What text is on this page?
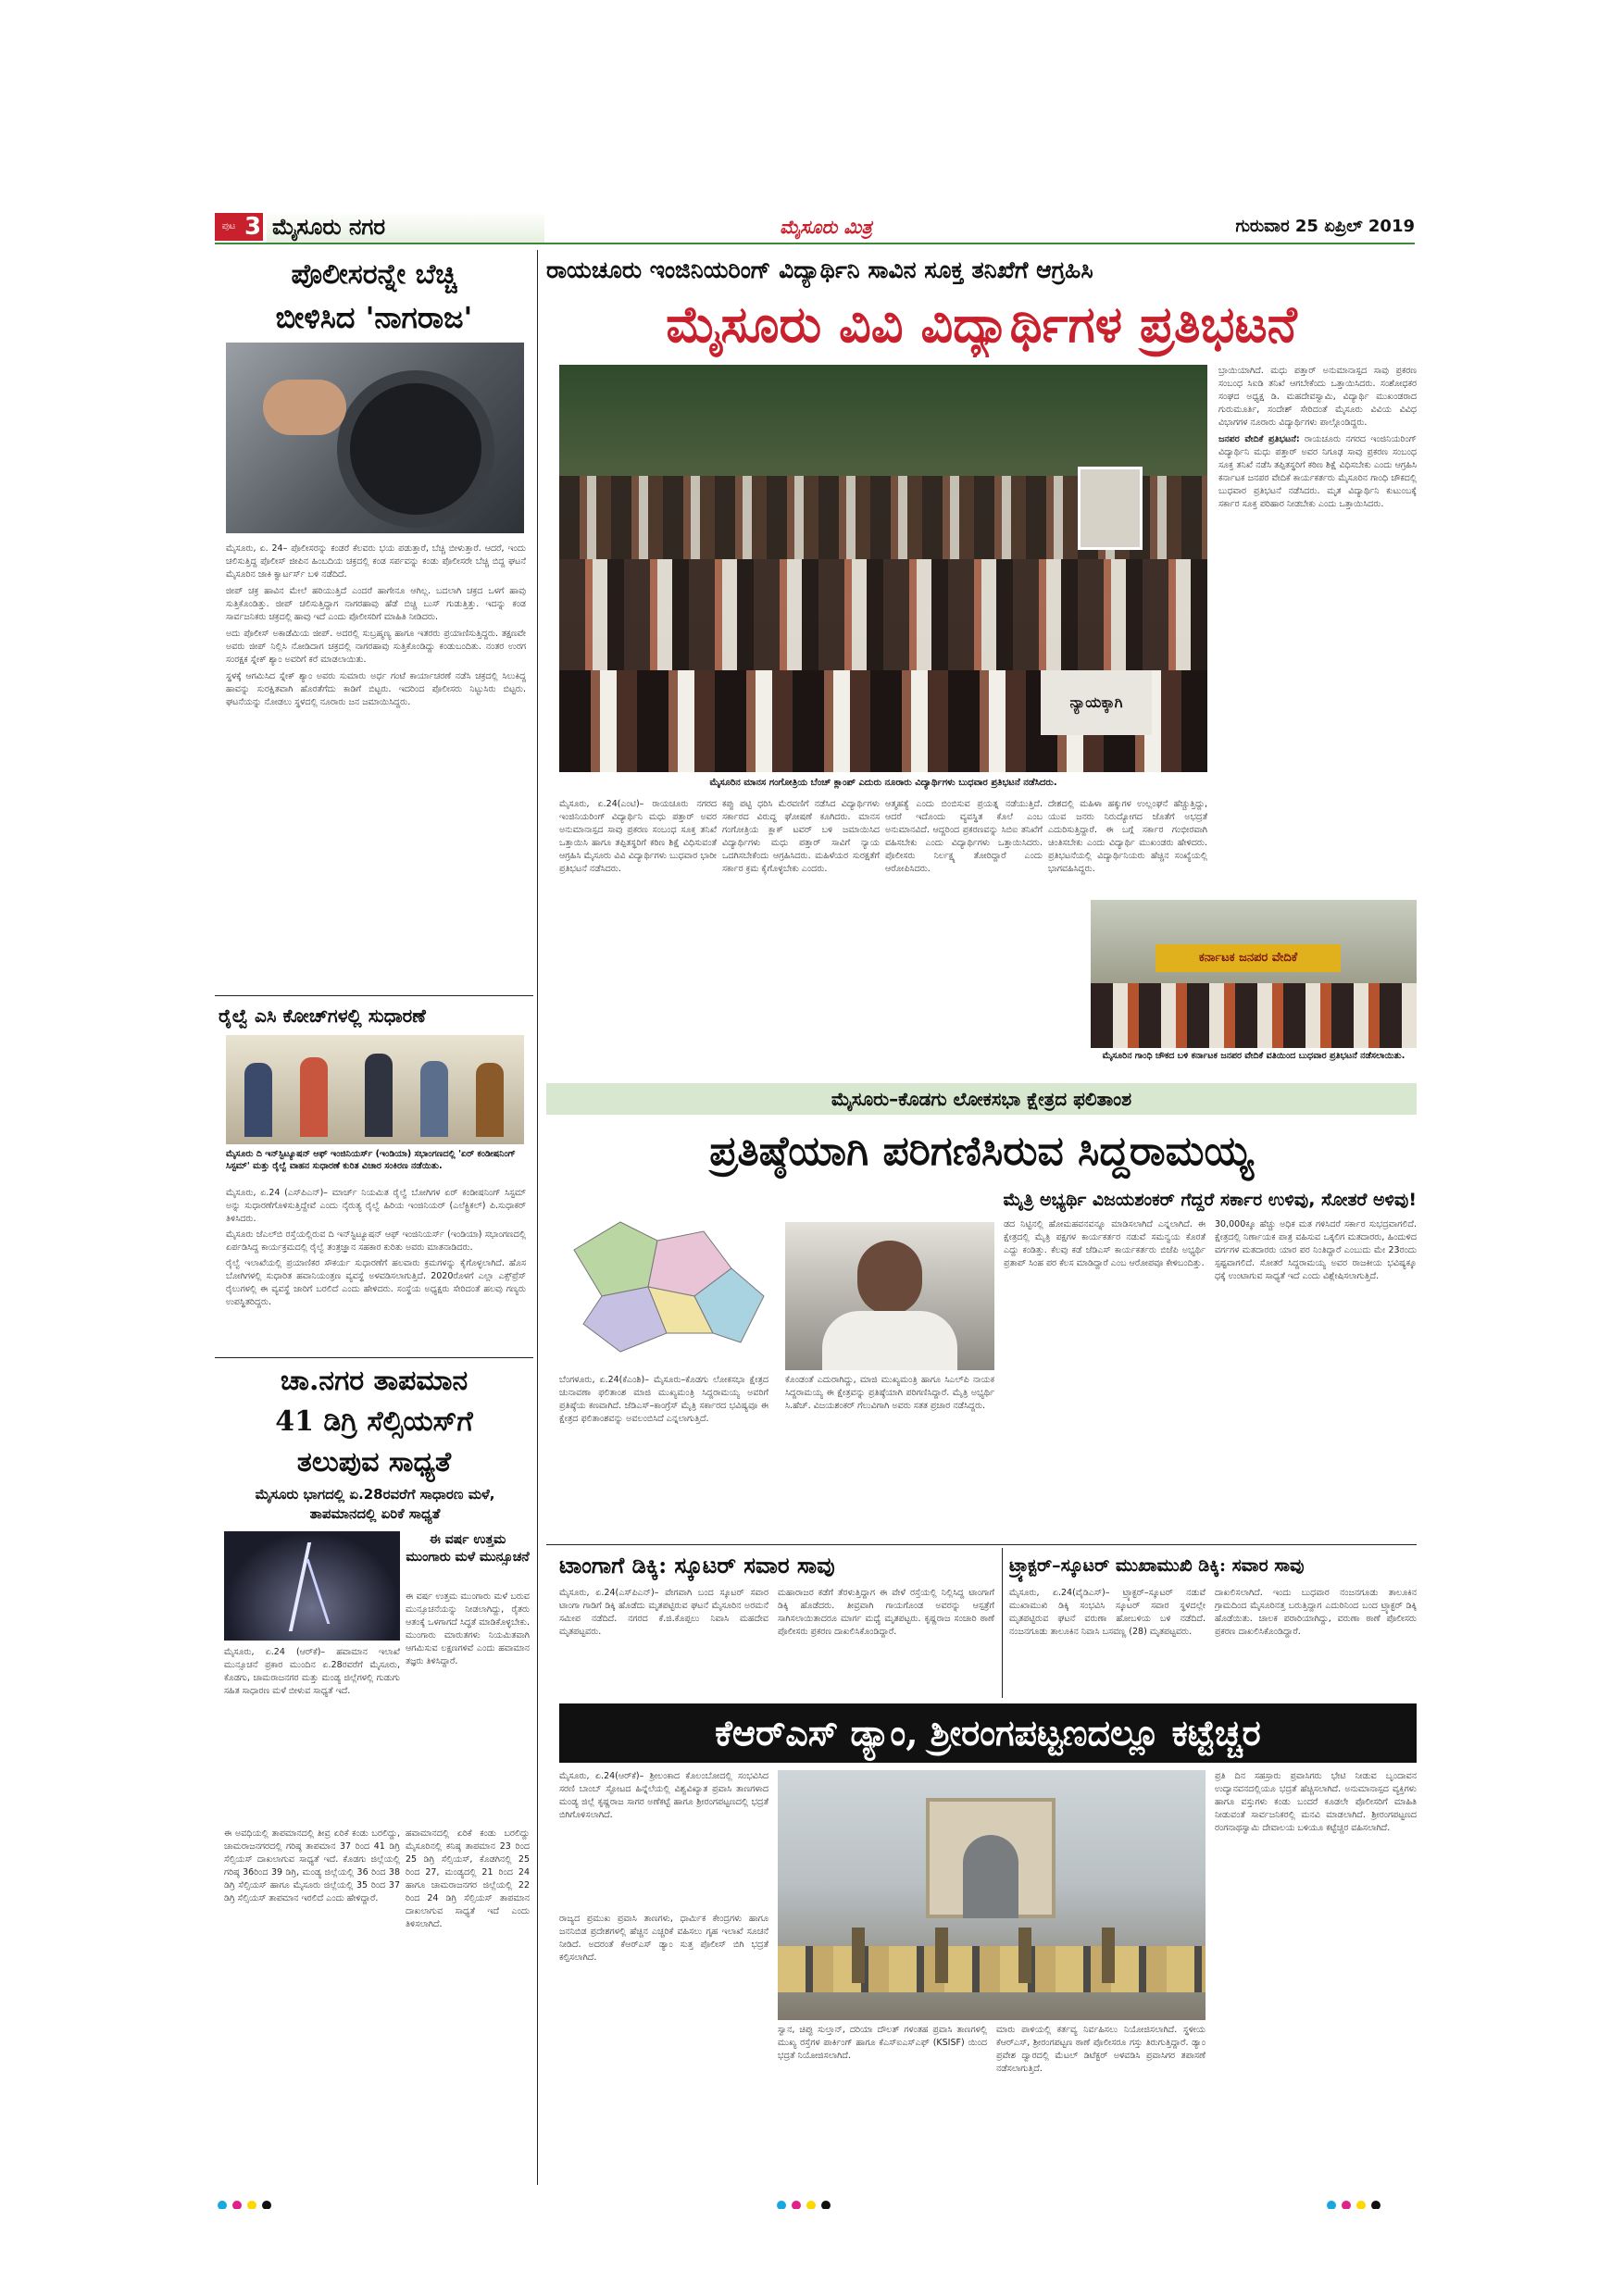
ಪುಟ 3 ಮೈಸೂರು ನಗರ	ಮೈಸೂರು ಮಿತ್ರ	ಗುರುವಾರ 25 ಏಪ್ರಿಲ್ 2019
ಪೊಲೀಸರನ್ನೇ ಬೆಚ್ಚಿ
ಬೀಳಿಸಿದ 'ನಾಗರಾಜ'

ಮೈಸೂರು, ಏ. 24– ಪೊಲೀಸರನ್ನು ಕಂಡರೆ ಕೆಲವರು ಭಯ ಪಡುತ್ತಾರೆ, ಬೆಚ್ಚಿ ಬೀಳುತ್ತಾರೆ. ಆದರೆ, ಇಂದು ಚಲಿಸುತ್ತಿದ್ದ ಪೊಲೀಸ್ ಜೀಪಿನ ಹಿಂಬದಿಯ ಚಕ್ರದಲ್ಲಿ ಕಂಡ ಸರ್ಪವನ್ನು ಕಂಡು ಪೊಲೀಸರೇ ಬೆಚ್ಚಿ ಬಿದ್ದ ಘಟನೆ ಮೈಸೂರಿನ ಜಾಕಿ ಕ್ವಾರ್ಟರ್ಸ್ ಬಳಿ ನಡೆದಿದೆ.

ಜೀಪ್ ಚಕ್ರ ಹಾವಿನ ಮೇಲೆ ಹರಿಯುತ್ತಿದೆ ಎಂದರೆ ಹಾಗೇನೂ ಆಗಿಲ್ಲ. ಬದಲಾಗಿ ಚಕ್ರದ ಒಳಗೆ ಹಾವು ಸುತ್ತಿಕೊಂಡಿತ್ತು. ಜೀಪ್ ಚಲಿಸುತ್ತಿದ್ದಾಗ ನಾಗರಹಾವು ಹೆಡೆ ಬಿಚ್ಚಿ ಬುಸ್ ಗುಡುತ್ತಿತ್ತು. ಇದನ್ನು ಕಂಡ ಸಾರ್ವಜನಿಕರು ಚಕ್ರದಲ್ಲಿ ಹಾವು ಇದೆ ಎಂದು ಪೊಲೀಸರಿಗೆ ಮಾಹಿತಿ ನೀಡಿದರು.

ಅದು ಪೊಲೀಸ್ ಅಕಾಡೆಮಿಯ ಜೀಪ್. ಅದರಲ್ಲಿ ಸುಬ್ರಹ್ಮಣ್ಯ ಹಾಗೂ ಇತರರು ಪ್ರಯಾಣಿಸುತ್ತಿದ್ದರು. ತಕ್ಷಣವೇ ಅವರು ಜೀಪ್ ನಿಲ್ಲಿಸಿ ನೋಡಿದಾಗ ಚಕ್ರದಲ್ಲಿ ನಾಗರಹಾವು ಸುತ್ತಿಕೊಂಡಿದ್ದು ಕಂಡುಬಂದಿತು. ನಂತರ ಉರಗ ಸಂರಕ್ಷಕ ಸ್ನೇಕ್ ಶ್ಯಾಂ ಅವರಿಗೆ ಕರೆ ಮಾಡಲಾಯಿತು.

ಸ್ಥಳಕ್ಕೆ ಆಗಮಿಸಿದ ಸ್ನೇಕ್ ಶ್ಯಾಂ ಅವರು ಸುಮಾರು ಅರ್ಧ ಗಂಟೆ ಕಾರ್ಯಾಚರಣೆ ನಡೆಸಿ ಚಕ್ರದಲ್ಲಿ ಸಿಲುಕಿದ್ದ ಹಾವನ್ನು ಸುರಕ್ಷಿತವಾಗಿ ಹೊರತೆಗೆದು ಕಾಡಿಗೆ ಬಿಟ್ಟರು. ಇದರಿಂದ ಪೊಲೀಸರು ನಿಟ್ಟುಸಿರು ಬಿಟ್ಟರು. ಘಟನೆಯನ್ನು ನೋಡಲು ಸ್ಥಳದಲ್ಲಿ ನೂರಾರು ಜನ ಜಮಾಯಿಸಿದ್ದರು.

ರೈಲ್ವೆ ಎಸಿ ಕೋಚ್‌ಗಳಲ್ಲಿ ಸುಧಾರಣೆ
ಮೈಸೂರು ದಿ ಇನ್‌ಸ್ಟಿಟ್ಯೂಷನ್ ಆಫ್ ಇಂಜಿನಿಯರ್ಸ್ (ಇಂಡಿಯಾ) ಸಭಾಂಗಣದಲ್ಲಿ 'ಏರ್ ಕಂಡೀಷನಿಂಗ್ ಸಿಸ್ಟಮ್' ಮತ್ತು ರೈಲ್ವೆ ವಾಹನ ಸುಧಾರಣೆ ಕುರಿತ ವಿಚಾರ ಸಂಕಿರಣ ನಡೆಯಿತು.

ಮೈಸೂರು, ಏ.24 (ಎಸ್‌ಪಿಎನ್)– ಮಾರ್ಚ್ ನಿಯಮಿತ ರೈಲ್ವೆ ಬೋಗಿಗಳ ಏರ್ ಕಂಡೀಷನಿಂಗ್ ಸಿಸ್ಟಮ್ ಅನ್ನು ಸುಧಾರಣೆಗೊಳಿಸುತ್ತಿದ್ದೇವೆ ಎಂದು ನೈರುತ್ಯ ರೈಲ್ವೆ ಹಿರಿಯ ಇಂಜಿನಿಯರ್ (ಎಲೆಕ್ಟ್ರಿಕಲ್) ಪಿ.ಸುಧಾಕರ್ ತಿಳಿಸಿದರು.

ಮೈಸೂರು ಜೆಎಲ್‌ಬಿ ರಸ್ತೆಯಲ್ಲಿರುವ ದಿ ಇನ್‌ಸ್ಟಿಟ್ಯೂಷನ್ ಆಫ್ ಇಂಜಿನಿಯರ್ಸ್ (ಇಂಡಿಯಾ) ಸಭಾಂಗಣದಲ್ಲಿ ಏರ್ಪಡಿಸಿದ್ದ ಕಾರ್ಯಕ್ರಮದಲ್ಲಿ ರೈಲ್ವೆ ತಂತ್ರಜ್ಞಾನ ಸಹಕಾರ ಕುರಿತು ಅವರು ಮಾತನಾಡಿದರು.

ರೈಲ್ವೆ ಇಲಾಖೆಯಲ್ಲಿ ಪ್ರಯಾಣಿಕರ ಸೌಕರ್ಯ ಸುಧಾರಣೆಗೆ ಹಲವಾರು ಕ್ರಮಗಳನ್ನು ಕೈಗೊಳ್ಳಲಾಗಿದೆ. ಹೊಸ ಬೋಗಿಗಳಲ್ಲಿ ಸುಧಾರಿತ ಹವಾನಿಯಂತ್ರಣ ವ್ಯವಸ್ಥೆ ಅಳವಡಿಸಲಾಗುತ್ತಿದೆ. 2020ರೊಳಗೆ ಎಲ್ಲಾ ಎಕ್ಸ್‌ಪ್ರೆಸ್ ರೈಲುಗಳಲ್ಲಿ ಈ ವ್ಯವಸ್ಥೆ ಜಾರಿಗೆ ಬರಲಿದೆ ಎಂದು ಹೇಳಿದರು. ಸಂಸ್ಥೆಯ ಅಧ್ಯಕ್ಷರು ಸೇರಿದಂತೆ ಹಲವು ಗಣ್ಯರು ಉಪಸ್ಥಿತರಿದ್ದರು.

ಚಾ.ನಗರ ತಾಪಮಾನ
41 ಡಿಗ್ರಿ ಸೆಲ್ಸಿಯಸ್‌ಗೆ
ತಲುಪುವ ಸಾಧ್ಯತೆ
ಮೈಸೂರು ಭಾಗದಲ್ಲಿ ಏ.28ರವರೆಗೆ ಸಾಧಾರಣ ಮಳೆ, ತಾಪಮಾನದಲ್ಲಿ ಏರಿಕೆ ಸಾಧ್ಯತೆ
ಈ ವರ್ಷ ಉತ್ತಮ ಮುಂಗಾರು ಮಳೆ ಮುನ್ಸೂಚನೆ
ಈ ವರ್ಷ ಉತ್ತಮ ಮುಂಗಾರು ಮಳೆ ಬರುವ ಮುನ್ಸೂಚನೆಯನ್ನು ನೀಡಲಾಗಿದ್ದು, ರೈತರು ಆತಂಕ್ಕೆ ಒಳಗಾಗದೆ ಸಿದ್ಧತೆ ಮಾಡಿಕೊಳ್ಳಬೇಕು. ಮುಂಗಾರು ಮಾರುತಗಳು ನಿಯಮಿತವಾಗಿ ಆಗಮಿಸುವ ಲಕ್ಷಣಗಳಿವೆ ಎಂದು ಹವಾಮಾನ ತಜ್ಞರು ತಿಳಿಸಿದ್ದಾರೆ.

ಮೈಸೂರು, ಏ.24 (ಆರ್‌ಕೆ)– ಹವಾಮಾನ ಇಲಾಖೆ ಮುನ್ಸೂಚನೆ ಪ್ರಕಾರ ಮುಂದಿನ ಏ.28ರವರೆಗೆ ಮೈಸೂರು, ಕೊಡಗು, ಚಾಮರಾಜನಗರ ಮತ್ತು ಮಂಡ್ಯ ಜಿಲ್ಲೆಗಳಲ್ಲಿ ಗುಡುಗು ಸಹಿತ ಸಾಧಾರಣ ಮಳೆ ಬೀಳುವ ಸಾಧ್ಯತೆ ಇದೆ.

ಈ ಅವಧಿಯಲ್ಲಿ ತಾಪಮಾನದಲ್ಲಿ ತೀವ್ರ ಏರಿಕೆ ಕಂಡು ಬರಲಿದ್ದು, ಚಾಮರಾಜನಗರದಲ್ಲಿ ಗರಿಷ್ಠ ತಾಪಮಾನ 37 ರಿಂದ 41 ಡಿಗ್ರಿ ಸೆಲ್ಸಿಯಸ್ ದಾಖಲಾಗುವ ಸಾಧ್ಯತೆ ಇದೆ. ಕೊಡಗು ಜಿಲ್ಲೆಯಲ್ಲಿ ಗರಿಷ್ಠ 36ರಿಂದ 39 ಡಿಗ್ರಿ, ಮಂಡ್ಯ ಜಿಲ್ಲೆಯಲ್ಲಿ 36 ರಿಂದ 38 ಡಿಗ್ರಿ ಸೆಲ್ಸಿಯಸ್ ಹಾಗೂ ಮೈಸೂರು ಜಿಲ್ಲೆಯಲ್ಲಿ 35 ರಿಂದ 37 ಡಿಗ್ರಿ ಸೆಲ್ಸಿಯಸ್ ತಾಪಮಾನ ಇರಲಿದೆ ಎಂದು ಹೇಳಿದ್ದಾರೆ.

ಹವಾಮಾನದಲ್ಲಿ ಏರಿಕೆ ಕಂಡು ಬರಲಿದ್ದು ಮೈಸೂರಿನಲ್ಲಿ ಕನಿಷ್ಠ ತಾಪಮಾನ 23 ರಿಂದ 25 ಡಿಗ್ರಿ ಸೆಲ್ಸಿಯಸ್, ಕೊಡಗಿನಲ್ಲಿ 25 ರಿಂದ 27, ಮಂಡ್ಯದಲ್ಲಿ 21 ರಿಂದ 24 ಹಾಗೂ ಚಾಮರಾಜನಗರ ಜಿಲ್ಲೆಯಲ್ಲಿ 22 ರಿಂದ 24 ಡಿಗ್ರಿ ಸೆಲ್ಸಿಯಸ್ ತಾಪಮಾನ ದಾಖಲಾಗುವ ಸಾಧ್ಯತೆ ಇದೆ ಎಂದು ತಿಳಿಸಲಾಗಿದೆ.

ರಾಯಚೂರು ಇಂಜಿನಿಯರಿಂಗ್ ವಿದ್ಯಾರ್ಥಿನಿ ಸಾವಿನ ಸೂಕ್ತ ತನಿಖೆಗೆ ಆಗ್ರಹಿಸಿ
ಮೈಸೂರು ವಿವಿ ವಿದ್ಯಾರ್ಥಿಗಳ ಪ್ರತಿಭಟನೆ
ನ್ಯಾಯಕ್ಕಾಗಿ
ಮೈಸೂರಿನ ಮಾನಸ ಗಂಗೋತ್ರಿಯ ಬೆಂಚ್ ಕ್ಲಾಂಪ್ ಎದುರು ನೂರಾರು ವಿದ್ಯಾರ್ಥಿಗಳು ಬುಧವಾರ ಪ್ರತಿಭಟನೆ ನಡೆಸಿದರು.

ಬ್ರಾಯಿಯಾಗಿದೆ. ಮಧು ಪತ್ತಾರ್ ಅನುಮಾನಾಸ್ಪದ ಸಾವು ಪ್ರಕರಣ ಸಂಬಂಧ ಸಿಐಡಿ ತನಿಖೆ ಆಗಬೇಕೆಂದು ಒತ್ತಾಯಿಸಿದರು. ಸಂಶೋಧಕರ ಸಂಘದ ಅಧ್ಯಕ್ಷ ಡಿ. ಮಹದೇವಸ್ವಾಮಿ, ವಿದ್ಯಾರ್ಥಿ ಮುಖಂಡರಾದ ಗುರುಮೂರ್ತಿ, ಸಂದೇಶ್ ಸೇರಿದಂತೆ ಮೈಸೂರು ವಿವಿಯ ವಿವಿಧ ವಿಭಾಗಗಳ ನೂರಾರು ವಿದ್ಯಾರ್ಥಿಗಳು ಪಾಲ್ಗೊಂಡಿದ್ದರು.

ಜನಪರ ವೇದಿಕೆ ಪ್ರತಿಭಟನೆ: ರಾಯಚೂರು ನಗರದ ಇಂಜಿನಿಯರಿಂಗ್ ವಿದ್ಯಾರ್ಥಿನಿ ಮಧು ಪತ್ತಾರ್ ಅವರ ನಿಗೂಢ ಸಾವು ಪ್ರಕರಣ ಸಂಬಂಧ ಸೂಕ್ತ ತನಿಖೆ ನಡೆಸಿ ತಪ್ಪಿತಸ್ಥರಿಗೆ ಕಠಿಣ ಶಿಕ್ಷೆ ವಿಧಿಸಬೇಕು ಎಂದು ಆಗ್ರಹಿಸಿ ಕರ್ನಾಟಕ ಜನಪರ ವೇದಿಕೆ ಕಾರ್ಯಕರ್ತರು ಮೈಸೂರಿನ ಗಾಂಧಿ ಚೌಕದಲ್ಲಿ ಬುಧವಾರ ಪ್ರತಿಭಟನೆ ನಡೆಸಿದರು. ಮೃತ ವಿದ್ಯಾರ್ಥಿನಿ ಕುಟುಂಬಕ್ಕೆ ಸರ್ಕಾರ ಸೂಕ್ತ ಪರಿಹಾರ ನೀಡಬೇಕು ಎಂದು ಒತ್ತಾಯಿಸಿದರು.

ಮೈಸೂರು, ಏ.24(ಎಂಟಿ)– ರಾಯಚೂರು ನಗರದ ಇಂಜಿನಿಯರಿಂಗ್ ವಿದ್ಯಾರ್ಥಿನಿ ಮಧು ಪತ್ತಾರ್ ಅವರ ಅನುಮಾನಾಸ್ಪದ ಸಾವು ಪ್ರಕರಣ ಸಂಬಂಧ ಸೂಕ್ತ ತನಿಖೆ ಒತ್ತಾಯಿಸಿ ಹಾಗೂ ತಪ್ಪಿತಸ್ಥರಿಗೆ ಕಠಿಣ ಶಿಕ್ಷೆ ವಿಧಿಸುವಂತೆ ಆಗ್ರಹಿಸಿ ಮೈಸೂರು ವಿವಿ ವಿದ್ಯಾರ್ಥಿಗಳು ಬುಧವಾರ ಭಾರೀ ಪ್ರತಿಭಟನೆ ನಡೆಸಿದರು.
ಕಪ್ಪು ಪಟ್ಟಿ ಧರಿಸಿ ಮೆರವಣಿಗೆ ನಡೆಸಿದ ವಿದ್ಯಾರ್ಥಿಗಳು ಸರ್ಕಾರದ ವಿರುದ್ಧ ಘೋಷಣೆ ಕೂಗಿದರು. ಮಾನಸ ಗಂಗೋತ್ರಿಯ ಕ್ಲಾಕ್ ಟವರ್ ಬಳಿ ಜಮಾಯಿಸಿದ ವಿದ್ಯಾರ್ಥಿಗಳು ಮಧು ಪತ್ತಾರ್ ಸಾವಿಗೆ ನ್ಯಾಯ ಒದಗಿಸಬೇಕೆಂದು ಆಗ್ರಹಿಸಿದರು. ಮಹಿಳೆಯರ ಸುರಕ್ಷತೆಗೆ ಸರ್ಕಾರ ಕ್ರಮ ಕೈಗೊಳ್ಳಬೇಕು ಎಂದರು.
ಆತ್ಮಹತ್ಯೆ ಎಂದು ಬಿಂಬಿಸುವ ಪ್ರಯತ್ನ ನಡೆಯುತ್ತಿದೆ. ಆದರೆ ಇದೊಂದು ವ್ಯವಸ್ಥಿತ ಕೊಲೆ ಎಂಬ ಅನುಮಾನವಿದೆ. ಆದ್ದರಿಂದ ಪ್ರಕರಣವನ್ನು ಸಿಬಿಐ ತನಿಖೆಗೆ ವಹಿಸಬೇಕು ಎಂದು ವಿದ್ಯಾರ್ಥಿಗಳು ಒತ್ತಾಯಿಸಿದರು. ಪೊಲೀಸರು ನಿರ್ಲಕ್ಷ್ಯ ತೋರಿದ್ದಾರೆ ಎಂದು ಆರೋಪಿಸಿದರು.
ದೇಶದಲ್ಲಿ ಮಹಿಳಾ ಹಕ್ಕುಗಳ ಉಲ್ಲಂಘನೆ ಹೆಚ್ಚುತ್ತಿದ್ದು, ಯುವ ಜನರು ನಿರುದ್ಯೋಗದ ಜೊತೆಗೆ ಅಭದ್ರತೆ ಎದುರಿಸುತ್ತಿದ್ದಾರೆ. ಈ ಬಗ್ಗೆ ಸರ್ಕಾರ ಗಂಭೀರವಾಗಿ ಚಿಂತಿಸಬೇಕು ಎಂದು ವಿದ್ಯಾರ್ಥಿ ಮುಖಂಡರು ಹೇಳಿದರು. ಪ್ರತಿಭಟನೆಯಲ್ಲಿ ವಿದ್ಯಾರ್ಥಿನಿಯರು ಹೆಚ್ಚಿನ ಸಂಖ್ಯೆಯಲ್ಲಿ ಭಾಗವಹಿಸಿದ್ದರು.
ಕರ್ನಾಟಕ ಜನಪರ ವೇದಿಕೆ
ಮೈಸೂರಿನ ಗಾಂಧಿ ಚೌಕದ ಬಳಿ ಕರ್ನಾಟಕ ಜನಪರ ವೇದಿಕೆ ವತಿಯಿಂದ ಬುಧವಾರ ಪ್ರತಿಭಟನೆ ನಡೆಸಲಾಯಿತು.
ಮೈಸೂರು–ಕೊಡಗು ಲೋಕಸಭಾ ಕ್ಷೇತ್ರದ ಫಲಿತಾಂಶ
ಪ್ರತಿಷ್ಠೆಯಾಗಿ ಪರಿಗಣಿಸಿರುವ ಸಿದ್ದರಾಮಯ್ಯ
ಮೈತ್ರಿ ಅಭ್ಯರ್ಥಿ ವಿಜಯಶಂಕರ್ ಗೆದ್ದರೆ ಸರ್ಕಾರ ಉಳಿವು, ಸೋತರೆ ಅಳಿವು!
ಬೆಂಗಳೂರು, ಏ.24(ಕೆಎಂಶಿ)– ಮೈಸೂರು–ಕೊಡಗು ಲೋಕಸಭಾ ಕ್ಷೇತ್ರದ ಚುನಾವಣಾ ಫಲಿತಾಂಶ ಮಾಜಿ ಮುಖ್ಯಮಂತ್ರಿ ಸಿದ್ದರಾಮಯ್ಯ ಅವರಿಗೆ ಪ್ರತಿಷ್ಠೆಯ ಕಣವಾಗಿದೆ. ಜೆಡಿಎಸ್–ಕಾಂಗ್ರೆಸ್ ಮೈತ್ರಿ ಸರ್ಕಾರದ ಭವಿಷ್ಯವೂ ಈ ಕ್ಷೇತ್ರದ ಫಲಿತಾಂಶವನ್ನು ಅವಲಂಬಿಸಿದೆ ಎನ್ನಲಾಗುತ್ತಿದೆ.
ಕೊಂಡಂತೆ ಎದುರಾಗಿದ್ದು, ಮಾಜಿ ಮುಖ್ಯಮಂತ್ರಿ ಹಾಗೂ ಸಿಎಲ್‌ಪಿ ನಾಯಕ ಸಿದ್ದರಾಮಯ್ಯ ಈ ಕ್ಷೇತ್ರವನ್ನು ಪ್ರತಿಷ್ಠೆಯಾಗಿ ಪರಿಗಣಿಸಿದ್ದಾರೆ. ಮೈತ್ರಿ ಅಭ್ಯರ್ಥಿ ಸಿ.ಹೆಚ್. ವಿಜಯಶಂಕರ್ ಗೆಲುವಿಗಾಗಿ ಅವರು ಸತತ ಪ್ರಚಾರ ನಡೆಸಿದ್ದರು.
ಡದ ನಿಟ್ಟಿನಲ್ಲಿ ಹೋಮಹವನವನ್ನೂ ಮಾಡಿಸಲಾಗಿದೆ ಎನ್ನಲಾಗಿದೆ. ಈ ಕ್ಷೇತ್ರದಲ್ಲಿ ಮೈತ್ರಿ ಪಕ್ಷಗಳ ಕಾರ್ಯಕರ್ತರ ನಡುವೆ ಸಮನ್ವಯ ಕೊರತೆ ಎದ್ದು ಕಂಡಿತ್ತು. ಕೆಲವು ಕಡೆ ಜೆಡಿಎಸ್ ಕಾರ್ಯಕರ್ತರು ಬಿಜೆಪಿ ಅಭ್ಯರ್ಥಿ ಪ್ರತಾಪ್ ಸಿಂಹ ಪರ ಕೆಲಸ ಮಾಡಿದ್ದಾರೆ ಎಂಬ ಆರೋಪವೂ ಕೇಳಿಬಂದಿತ್ತು.
30,000ಕ್ಕೂ ಹೆಚ್ಚು ಅಧಿಕ ಮತ ಗಳಿಸಿದರೆ ಸರ್ಕಾರ ಸುಭದ್ರವಾಗಲಿದೆ. ಕ್ಷೇತ್ರದಲ್ಲಿ ನಿರ್ಣಾಯಕ ಪಾತ್ರ ವಹಿಸುವ ಒಕ್ಕಲಿಗ ಮತದಾರರು, ಹಿಂದುಳಿದ ವರ್ಗಗಳ ಮತದಾರರು ಯಾರ ಪರ ನಿಂತಿದ್ದಾರೆ ಎಂಬುದು ಮೇ 23ರಂದು ಸ್ಪಷ್ಟವಾಗಲಿದೆ. ಸೋತರೆ ಸಿದ್ದರಾಮಯ್ಯ ಅವರ ರಾಜಕೀಯ ಭವಿಷ್ಯಕ್ಕೂ ಧಕ್ಕೆ ಉಂಟಾಗುವ ಸಾಧ್ಯತೆ ಇದೆ ಎಂದು ವಿಶ್ಲೇಷಿಸಲಾಗುತ್ತಿದೆ.
ಟಾಂಗಾಗೆ ಡಿಕ್ಕಿ: ಸ್ಕೂಟರ್ ಸವಾರ ಸಾವು
ಮೈಸೂರು, ಏ.24(ಎಸ್‌ಪಿಎನ್)– ವೇಗವಾಗಿ ಬಂದ ಸ್ಕೂಟರ್ ಸವಾರ ಟಾಂಗಾ ಗಾಡಿಗೆ ಡಿಕ್ಕಿ ಹೊಡೆದು ಮೃತಪಟ್ಟಿರುವ ಘಟನೆ ಮೈಸೂರಿನ ಅರಮನೆ ಸಮೀಪ ನಡೆದಿದೆ. ನಗರದ ಕೆ.ಜಿ.ಕೊಪ್ಪಲು ನಿವಾಸಿ ಮಹದೇವ ಮೃತಪಟ್ಟವರು.
ಮಹಾರಾಜರ ಕಡೆಗೆ ತೆರಳುತ್ತಿದ್ದಾಗ ಈ ವೇಳೆ ರಸ್ತೆಯಲ್ಲಿ ನಿಲ್ಲಿಸಿದ್ದ ಟಾಂಗಾಗೆ ಡಿಕ್ಕಿ ಹೊಡೆದರು. ತೀವ್ರವಾಗಿ ಗಾಯಗೊಂಡ ಅವರನ್ನು ಆಸ್ಪತ್ರೆಗೆ ಸಾಗಿಸಲಾಯಿತಾದರೂ ಮಾರ್ಗ ಮಧ್ಯೆ ಮೃತಪಟ್ಟರು. ಕೃಷ್ಣರಾಜ ಸಂಚಾರಿ ಠಾಣೆ ಪೊಲೀಸರು ಪ್ರಕರಣ ದಾಖಲಿಸಿಕೊಂಡಿದ್ದಾರೆ.
ಟ್ರ್ಯಾಕ್ಟರ್–ಸ್ಕೂಟರ್ ಮುಖಾಮುಖಿ ಡಿಕ್ಕಿ: ಸವಾರ ಸಾವು
ಮೈಸೂರು, ಏ.24(ವೈಡಿಎಸ್)– ಟ್ರ್ಯಾಕ್ಟರ್–ಸ್ಕೂಟರ್ ನಡುವೆ ಮುಖಾಮುಖಿ ಡಿಕ್ಕಿ ಸಂಭವಿಸಿ ಸ್ಕೂಟರ್ ಸವಾರ ಸ್ಥಳದಲ್ಲೇ ಮೃತಪಟ್ಟಿರುವ ಘಟನೆ ವರುಣಾ ಹೋಬಳಿಯ ಬಳಿ ನಡೆದಿದೆ. ನಂಜನಗೂಡು ತಾಲೂಕಿನ ನಿವಾಸಿ ಬಸವಣ್ಣ (28) ಮೃತಪಟ್ಟವರು.
ದಾಖಲಿಸಲಾಗಿದೆ. ಇಂದು ಬುಧವಾರ ನಂಜನಗೂಡು ತಾಲೂಕಿನ ಗ್ರಾಮದಿಂದ ಮೈಸೂರಿನತ್ತ ಬರುತ್ತಿದ್ದಾಗ ಎದುರಿನಿಂದ ಬಂದ ಟ್ರ್ಯಾಕ್ಟರ್ ಡಿಕ್ಕಿ ಹೊಡೆಯಿತು. ಚಾಲಕ ಪರಾರಿಯಾಗಿದ್ದು, ವರುಣಾ ಠಾಣೆ ಪೊಲೀಸರು ಪ್ರಕರಣ ದಾಖಲಿಸಿಕೊಂಡಿದ್ದಾರೆ.
ಕೆಆರ್‌ಎಸ್ ಡ್ಯಾಂ, ಶ್ರೀರಂಗಪಟ್ಟಣದಲ್ಲೂ ಕಟ್ಟೆಚ್ಚರ
ಮೈಸೂರು, ಏ.24(ಆರ್‌ಕೆ)– ಶ್ರೀಲಂಕಾದ ಕೊಲಂಬೋದಲ್ಲಿ ಸಂಭವಿಸಿದ ಸರಣಿ ಬಾಂಬ್ ಸ್ಫೋಟದ ಹಿನ್ನೆಲೆಯಲ್ಲಿ ವಿಶ್ವವಿಖ್ಯಾತ ಪ್ರವಾಸಿ ತಾಣಗಳಾದ ಮಂಡ್ಯ ಜಿಲ್ಲೆ ಕೃಷ್ಣರಾಜ ಸಾಗರ ಅಣೆಕಟ್ಟೆ ಹಾಗೂ ಶ್ರೀರಂಗಪಟ್ಟಣದಲ್ಲಿ ಭದ್ರತೆ ಬಿಗಿಗೊಳಿಸಲಾಗಿದೆ.
ರಾಜ್ಯದ ಪ್ರಮುಖ ಪ್ರವಾಸಿ ತಾಣಗಳು, ಧಾರ್ಮಿಕ ಕೇಂದ್ರಗಳು ಹಾಗೂ ಜನನಿಬಿಡ ಪ್ರದೇಶಗಳಲ್ಲಿ ಹೆಚ್ಚಿನ ಎಚ್ಚರಿಕೆ ವಹಿಸಲು ಗೃಹ ಇಲಾಖೆ ಸೂಚನೆ ನೀಡಿದೆ. ಅದರಂತೆ ಕೆಆರ್‌ಎಸ್ ಡ್ಯಾಂ ಸುತ್ತ ಪೊಲೀಸ್ ಬಿಗಿ ಭದ್ರತೆ ಕಲ್ಪಿಸಲಾಗಿದೆ.
ಸ್ವಾನ, ಚಿಪ್ಪು ಸುಲ್ತಾನ್, ದರಿಯಾ ದೌಲತ್ ಗಳಂತಹ ಪ್ರವಾಸಿ ತಾಣಗಳಲ್ಲಿ ಮುಖ್ಯ ರಸ್ತೆಗಳ ಪಾರ್ಕಿಂಗ್ ಹಾಗೂ ಕೆಎಸ್‌ಐಎಸ್‌ಎಫ್ (KSISF) ಯಿಂದ ಭದ್ರತೆ ನಿಯೋಜಿಸಲಾಗಿದೆ.
ಮಾರು ಪಾಳಿಯಲ್ಲಿ ಕರ್ತವ್ಯ ನಿರ್ವಹಿಸಲು ನಿಯೋಜಿಸಲಾಗಿದೆ. ಸ್ಥಳೀಯ ಕೆಆರ್‌ಎಸ್, ಶ್ರೀರಂಗಪಟ್ಟಣ ಠಾಣೆ ಪೊಲೀಸರೂ ಗಸ್ತು ತಿರುಗುತ್ತಿದ್ದಾರೆ. ಡ್ಯಾಂ ಪ್ರವೇಶ ದ್ವಾರದಲ್ಲಿ ಮೆಟಲ್ ಡಿಟೆಕ್ಟರ್ ಅಳವಡಿಸಿ ಪ್ರವಾಸಿಗರ ತಪಾಸಣೆ ನಡೆಸಲಾಗುತ್ತಿದೆ.
ಪ್ರತಿ ದಿನ ಸಹಸ್ರಾರು ಪ್ರವಾಸಿಗರು ಭೇಟಿ ನೀಡುವ ಬೃಂದಾವನ ಉದ್ಯಾನವನದಲ್ಲಿಯೂ ಭದ್ರತೆ ಹೆಚ್ಚಿಸಲಾಗಿದೆ. ಅನುಮಾನಾಸ್ಪದ ವ್ಯಕ್ತಿಗಳು ಹಾಗೂ ವಸ್ತುಗಳು ಕಂಡು ಬಂದರೆ ಕೂಡಲೇ ಪೊಲೀಸರಿಗೆ ಮಾಹಿತಿ ನೀಡುವಂತೆ ಸಾರ್ವಜನಿಕರಲ್ಲಿ ಮನವಿ ಮಾಡಲಾಗಿದೆ. ಶ್ರೀರಂಗಪಟ್ಟಣದ ರಂಗನಾಥಸ್ವಾಮಿ ದೇವಾಲಯ ಬಳಿಯೂ ಕಟ್ಟೆಚ್ಚರ ವಹಿಸಲಾಗಿದೆ.
